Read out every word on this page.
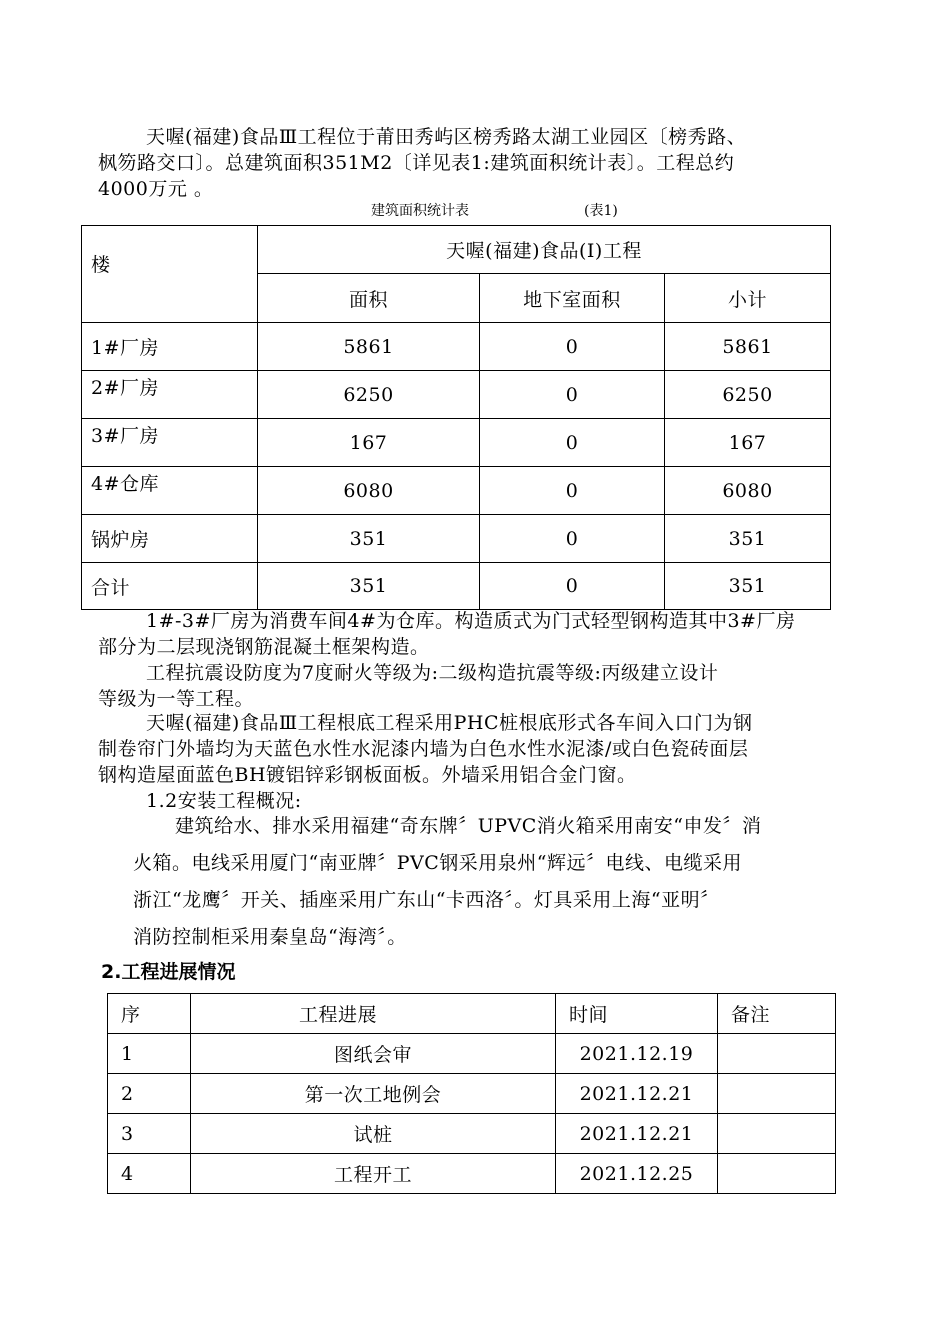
天喔(福建)食品Ⅲ工程位于莆田秀屿区榜秀路太湖工业园区〔榜秀路、

枫笏路交口〕。总建筑面积351M2〔详见表1:建筑面积统计表〕。工程总约

4000万元 。

建筑面积统计表	(表1)
楼	天喔(福建)食品(Ⅰ)工程		
	面积	地下室面积	小计
1#厂房	5861	0	5861
2#厂房	6250	0	6250
3#厂房	167	0	167
4#仓库	6080	0	6080
锅炉房	351	0	351
合计	351	0	351

1#-3#厂房为消费车间4#为仓库。构造质式为门式轻型钢构造其中3#厂房

部分为二层现浇钢筋混凝土框架构造。

工程抗震设防度为7度耐火等级为:二级构造抗震等级:丙级建立设计

等级为一等工程。

天喔(福建)食品Ⅲ工程根底工程采用PHC桩根底形式各车间入口门为钢

制卷帘门外墙均为天蓝色水性水泥漆内墙为白色水性水泥漆/或白色瓷砖面层

钢构造屋面蓝色BH镀铝锌彩钢板面板。外墙采用铝合金门窗。

1.2安装工程概况:

建筑给水、排水采用福建“奇东牌〞UPVC消火箱采用南安“申发〞消

火箱。电线采用厦门“南亚牌〞PVC钢采用泉州“辉远〞电线、电缆采用

浙江“龙鹰〞开关、插座采用广东山“卡西洛〞。灯具采用上海“亚明〞

消防控制柜采用秦皇岛“海湾〞。

2.工程进展情况
序	工程进展	时间	备注
1	图纸会审	2021.12.19	
2	第一次工地例会	2021.12.21	
3	试桩	2021.12.21	
4	工程开工	2021.12.25	
